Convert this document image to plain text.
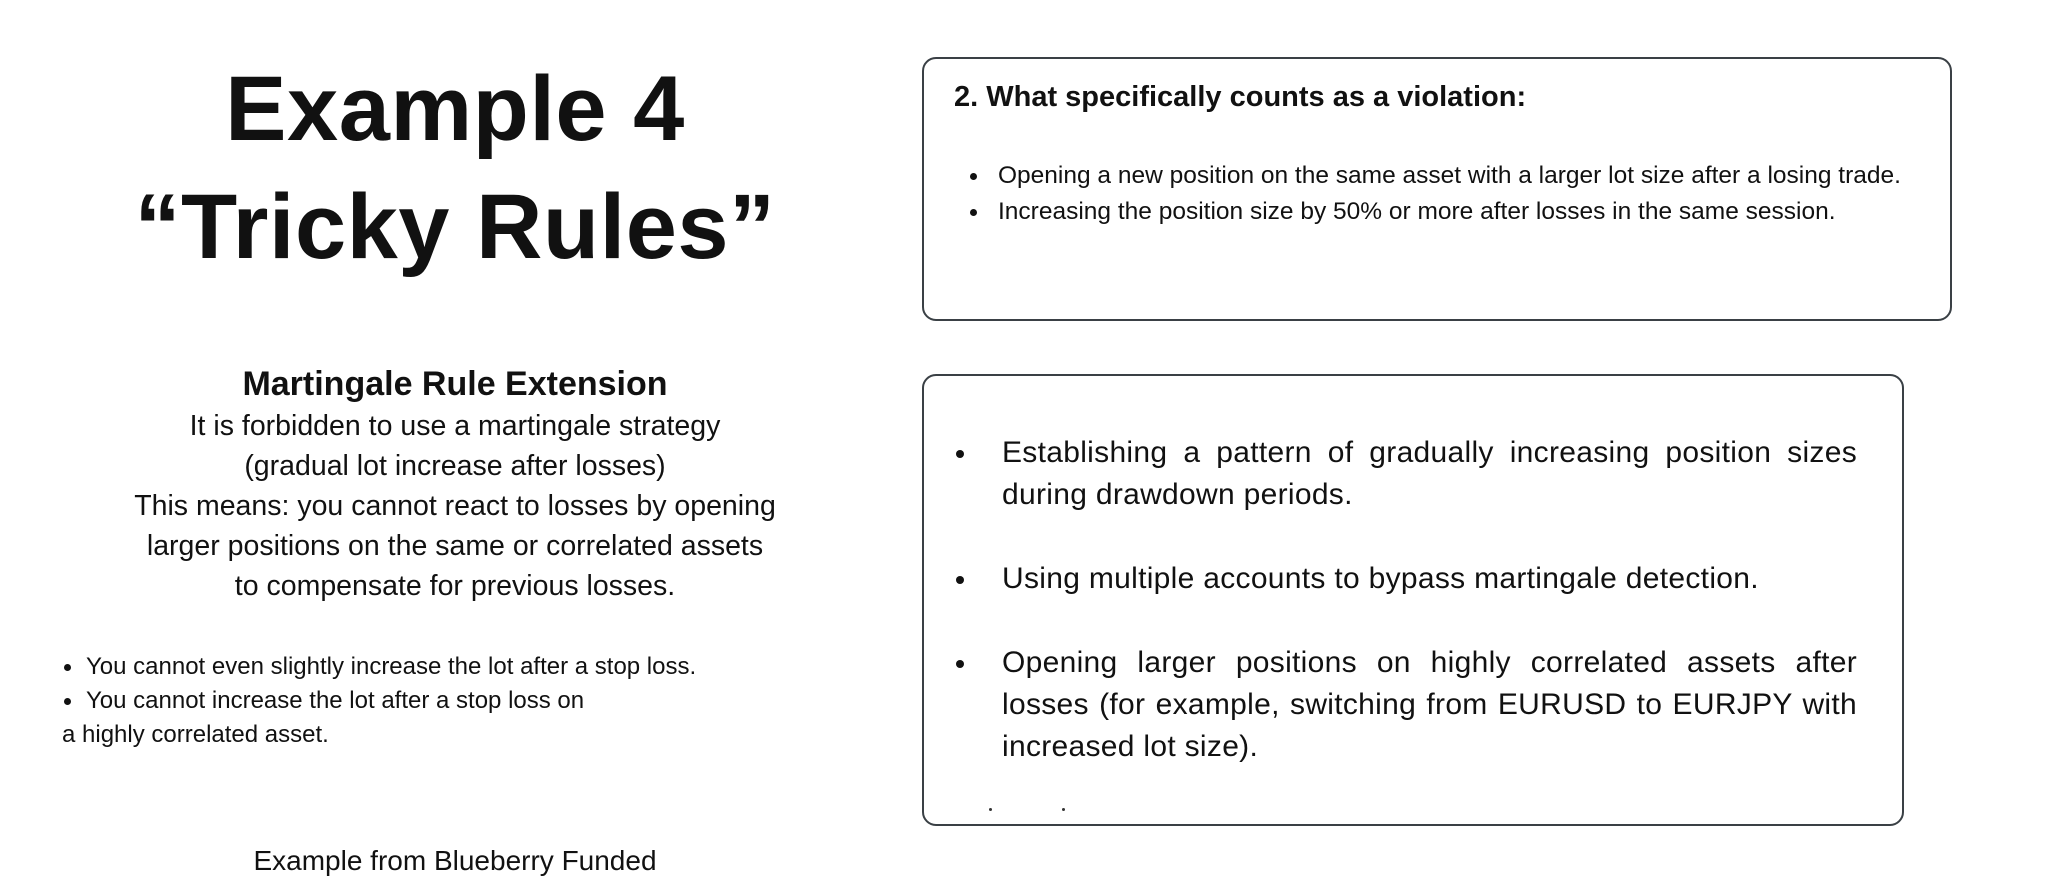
Example 4
“Tricky Rules”

Martingale Rule Extension

It is forbidden to use a martingale strategy

(gradual lot increase after losses)

This means: you cannot react to losses by opening

larger positions on the same or correlated assets

to compensate for previous losses.

You cannot even slightly increase the lot after a stop loss.
You cannot increase the lot after a stop loss on
a highly correlated asset.

Example from Blueberry Funded

2. What specifically counts as a violation:
Opening a new position on the same asset with a larger lot size after a losing trade.
Increasing the position size by 50% or more after losses in the same session.
Establishing a pattern of gradually increasing position sizes during drawdown periods.
Using multiple accounts to bypass martingale detection.
Opening larger positions on highly correlated assets after losses (for example, switching from EURUSD to EURJPY with increased lot size).
